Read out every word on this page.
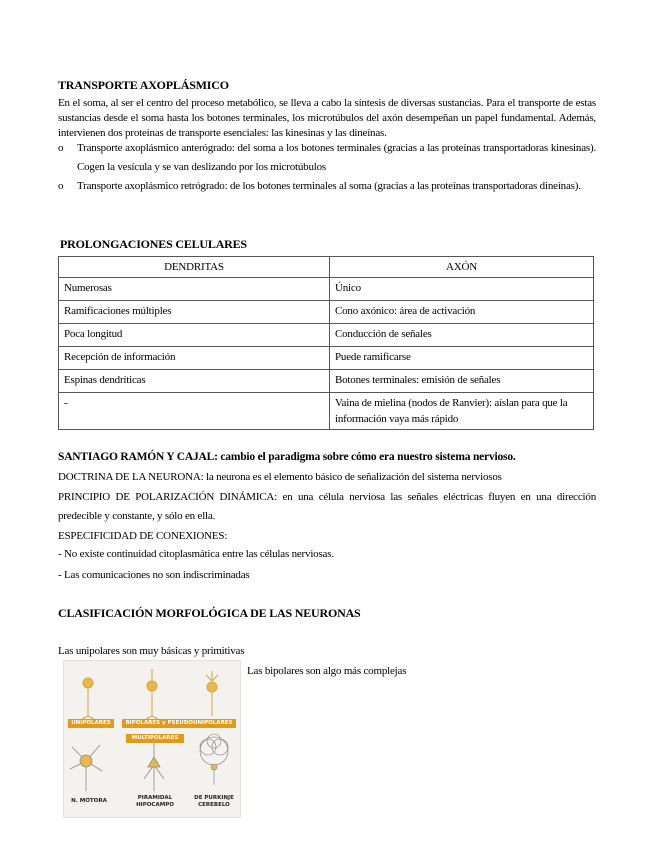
TRANSPORTE AXOPLÁSMICO
En el soma, al ser el centro del proceso metabólico, se lleva a cabo la síntesis de diversas sustancias. Para el transporte de estas sustancias desde el soma hasta los botones terminales, los microtúbulos del axón desempeñan un papel fundamental. Además, intervienen dos proteínas de transporte esenciales: las kinesinas y las dineínas.
o Transporte axoplásmico anterógrado: del soma a los botones terminales (gracias a las proteínas transportadoras kinesinas). Cogen la vesícula y se van deslizando por los microtúbulos
o Transporte axoplásmico retrógrado: de los botones terminales al soma (gracias a las proteínas transportadoras dineínas).
PROLONGACIONES CELULARES
DENDRITAS	AXÓN
Numerosas	Único
Ramificaciones múltiples	Cono axónico: área de activación
Poca longitud	Conducción de señales
Recepción de información	Puede ramificarse
Espinas dendríticas	Botones terminales: emisión de señales
-	Vaina de mielina (nodos de Ranvier): aíslan para que la información vaya más rápido
SANTIAGO RAMÓN Y CAJAL: cambio el paradigma sobre cómo era nuestro sistema nervioso.
DOCTRINA DE LA NEURONA: la neurona es el elemento básico de señalización del sistema nerviosos
PRINCIPIO DE POLARIZACIÓN DINÁMICA: en una célula nerviosa las señales eléctricas fluyen en una dirección predecible y constante, y sólo en ella.
ESPECIFICIDAD DE CONEXIONES:
- No existe continuidad citoplasmática entre las células nerviosas.
- Las comunicaciones no son indiscriminadas
CLASIFICACIÓN MORFOLÓGICA DE LAS NEURONAS
Las unipolares son muy básicas y primitivas
Las bipolares son algo más complejas
UNIPOLARES	BIPOLARES y PSEUDOUNIPOLARES
MULTIPOLARES
N. MOTORA	PIRAMIDAL
HIPOCAMPO
DE PURKINJE
CEREBELO
